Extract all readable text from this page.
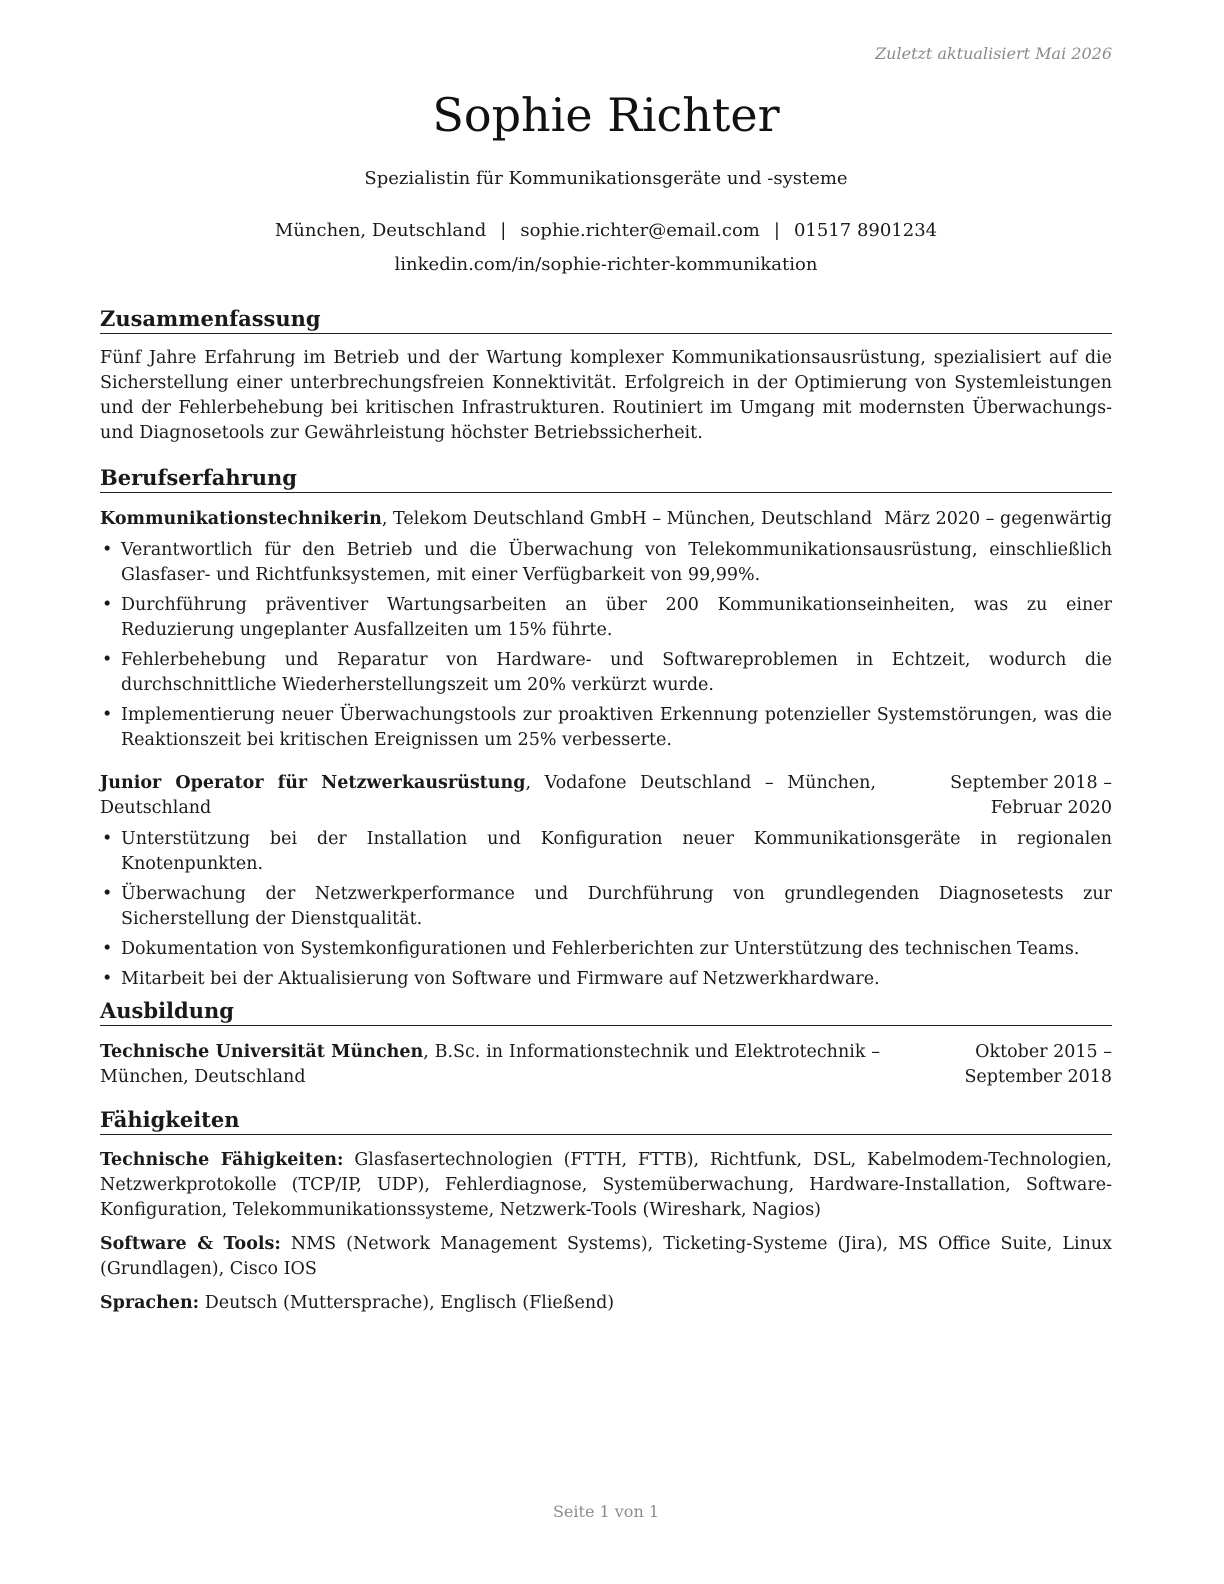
Zuletzt aktualisiert Mai 2026
Sophie Richter
Spezialistin für Kommunikationsgeräte und -systeme
München, Deutschland | sophie.richter@email.com | 01517 8901234
linkedin.com/in/sophie-richter-kommunikation
Zusammenfassung
Fünf Jahre Erfahrung im Betrieb und der Wartung komplexer Kommunikationsausrüstung, spezialisiert auf die Sicherstellung einer unterbrechungsfreien Konnektivität. Erfolgreich in der Optimierung von Systemleistungen und der Fehlerbehebung bei kritischen Infrastrukturen. Routiniert im Umgang mit modernsten Überwachungs- und Diagnosetools zur Gewährleistung höchster Betriebssicherheit.
Berufserfahrung
Kommunikationstechnikerin, Telekom Deutschland GmbH – München, Deutschland März 2020 – gegenwärtig
• Verantwortlich für den Betrieb und die Überwachung von Telekommunikationsausrüstung, einschließlich Glasfaser- und Richtfunksystemen, mit einer Verfügbarkeit von 99,99%.
• Durchführung präventiver Wartungsarbeiten an über 200 Kommunikationseinheiten, was zu einer Reduzierung ungeplanter Ausfallzeiten um 15% führte.
• Fehlerbehebung und Reparatur von Hardware- und Softwareproblemen in Echtzeit, wodurch die durchschnittliche Wiederherstellungszeit um 20% verkürzt wurde.
• Implementierung neuer Überwachungstools zur proaktiven Erkennung potenzieller Systemstörungen, was die Reaktionszeit bei kritischen Ereignissen um 25% verbesserte.
Junior Operator für Netzwerkausrüstung, Vodafone Deutschland – München, Deutschland
September 2018 – Februar 2020
• Unterstützung bei der Installation und Konfiguration neuer Kommunikationsgeräte in regionalen Knotenpunkten.
• Überwachung der Netzwerkperformance und Durchführung von grundlegenden Diagnosetests zur Sicherstellung der Dienstqualität.
• Dokumentation von Systemkonfigurationen und Fehlerberichten zur Unterstützung des technischen Teams.
• Mitarbeit bei der Aktualisierung von Software und Firmware auf Netzwerkhardware.
Ausbildung
Technische Universität München, B.Sc. in Informationstechnik und Elektrotechnik – München, Deutschland
Oktober 2015 – September 2018
Fähigkeiten
Technische Fähigkeiten: Glasfasertechnologien (FTTH, FTTB), Richtfunk, DSL, Kabelmodem-Technologien, Netzwerkprotokolle (TCP/IP, UDP), Fehlerdiagnose, Systemüberwachung, Hardware-Installation, Software-Konfiguration, Telekommunikationssysteme, Netzwerk-Tools (Wireshark, Nagios)
Software & Tools: NMS (Network Management Systems), Ticketing-Systeme (Jira), MS Office Suite, Linux (Grundlagen), Cisco IOS
Sprachen: Deutsch (Muttersprache), Englisch (Fließend)
Seite 1 von 1
